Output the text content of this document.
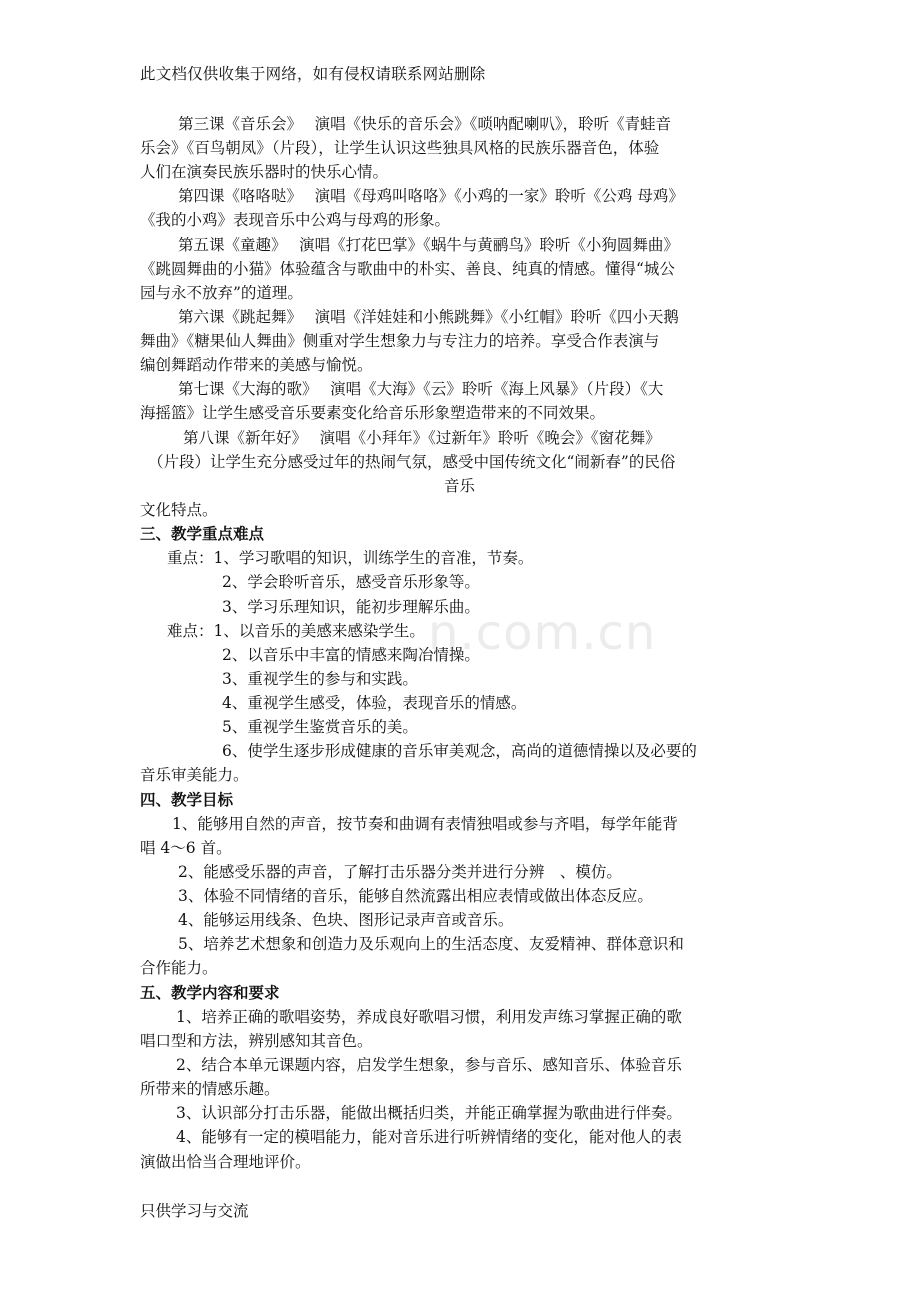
n.com.cn
此文档仅供收集于网络，如有侵权请联系网站删除
第三课《音乐会》　 演唱《快乐的音乐会》《唢呐配喇叭》，聆听《青蛙音
乐会》《百鸟朝凤》（片段），让学生认识这些独具风格的民族乐器音色，体验
人们在演奏民族乐器时的快乐心情。
第四课《咯咯哒》　 演唱《母鸡叫咯咯》《小鸡的一家》聆听《公鸡 母鸡》
《我的小鸡》表现音乐中公鸡与母鸡的形象。
第五课《童趣》　 演唱《打花巴掌》《蜗牛与黄鹂鸟》聆听《小狗圆舞曲》
《跳圆舞曲的小猫》体验蕴含与歌曲中的朴实、善良、纯真的情感。懂得“城公
园与永不放弃”的道理。
第六课《跳起舞》　 演唱《洋娃娃和小熊跳舞》《小红帽》聆听《四小天鹅
舞曲》《糖果仙人舞曲》侧重对学生想象力与专注力的培养。享受合作表演与
编创舞蹈动作带来的美感与愉悦。
第七课《大海的歌》　 演唱《大海》《云》聆听《海上风暴》（片段）《大
海摇篮》让学生感受音乐要素变化给音乐形象塑造带来的不同效果。
第八课《新年好》　 演唱《小拜年》《过新年》聆听《晚会》《窗花舞》
（片段）让学生充分感受过年的热闹气氛，感受中国传统文化“闹新春”的民俗
音乐
文化特点。
三、教学重点难点
重点：1、学习歌唱的知识，训练学生的音准，节奏。
2、学会聆听音乐，感受音乐形象等。
3、学习乐理知识，能初步理解乐曲。
难点：1、以音乐的美感来感染学生。
2、以音乐中丰富的情感来陶冶情操。
3、重视学生的参与和实践。
4、重视学生感受，体验，表现音乐的情感。
5、重视学生鉴赏音乐的美。
6、使学生逐步形成健康的音乐审美观念，高尚的道德情操以及必要的
音乐审美能力。
四、教学目标
1、能够用自然的声音，按节奏和曲调有表情独唱或参与齐唱，每学年能背
唱 4～6 首。
2、能感受乐器的声音，了解打击乐器分类并进行分辨　、模仿。
3、体验不同情绪的音乐，能够自然流露出相应表情或做出体态反应。
4、能够运用线条、色块、图形记录声音或音乐。
5、培养艺术想象和创造力及乐观向上的生活态度、友爱精神、群体意识和
合作能力。
五、教学内容和要求
1、培养正确的歌唱姿势，养成良好歌唱习惯，利用发声练习掌握正确的歌
唱口型和方法，辨别感知其音色。
2、结合本单元课题内容，启发学生想象，参与音乐、感知音乐、体验音乐
所带来的情感乐趣。
3、认识部分打击乐器，能做出概括归类，并能正确掌握为歌曲进行伴奏。
4、能够有一定的模唱能力，能对音乐进行听辨情绪的变化，能对他人的表
演做出恰当合理地评价。
只供学习与交流
